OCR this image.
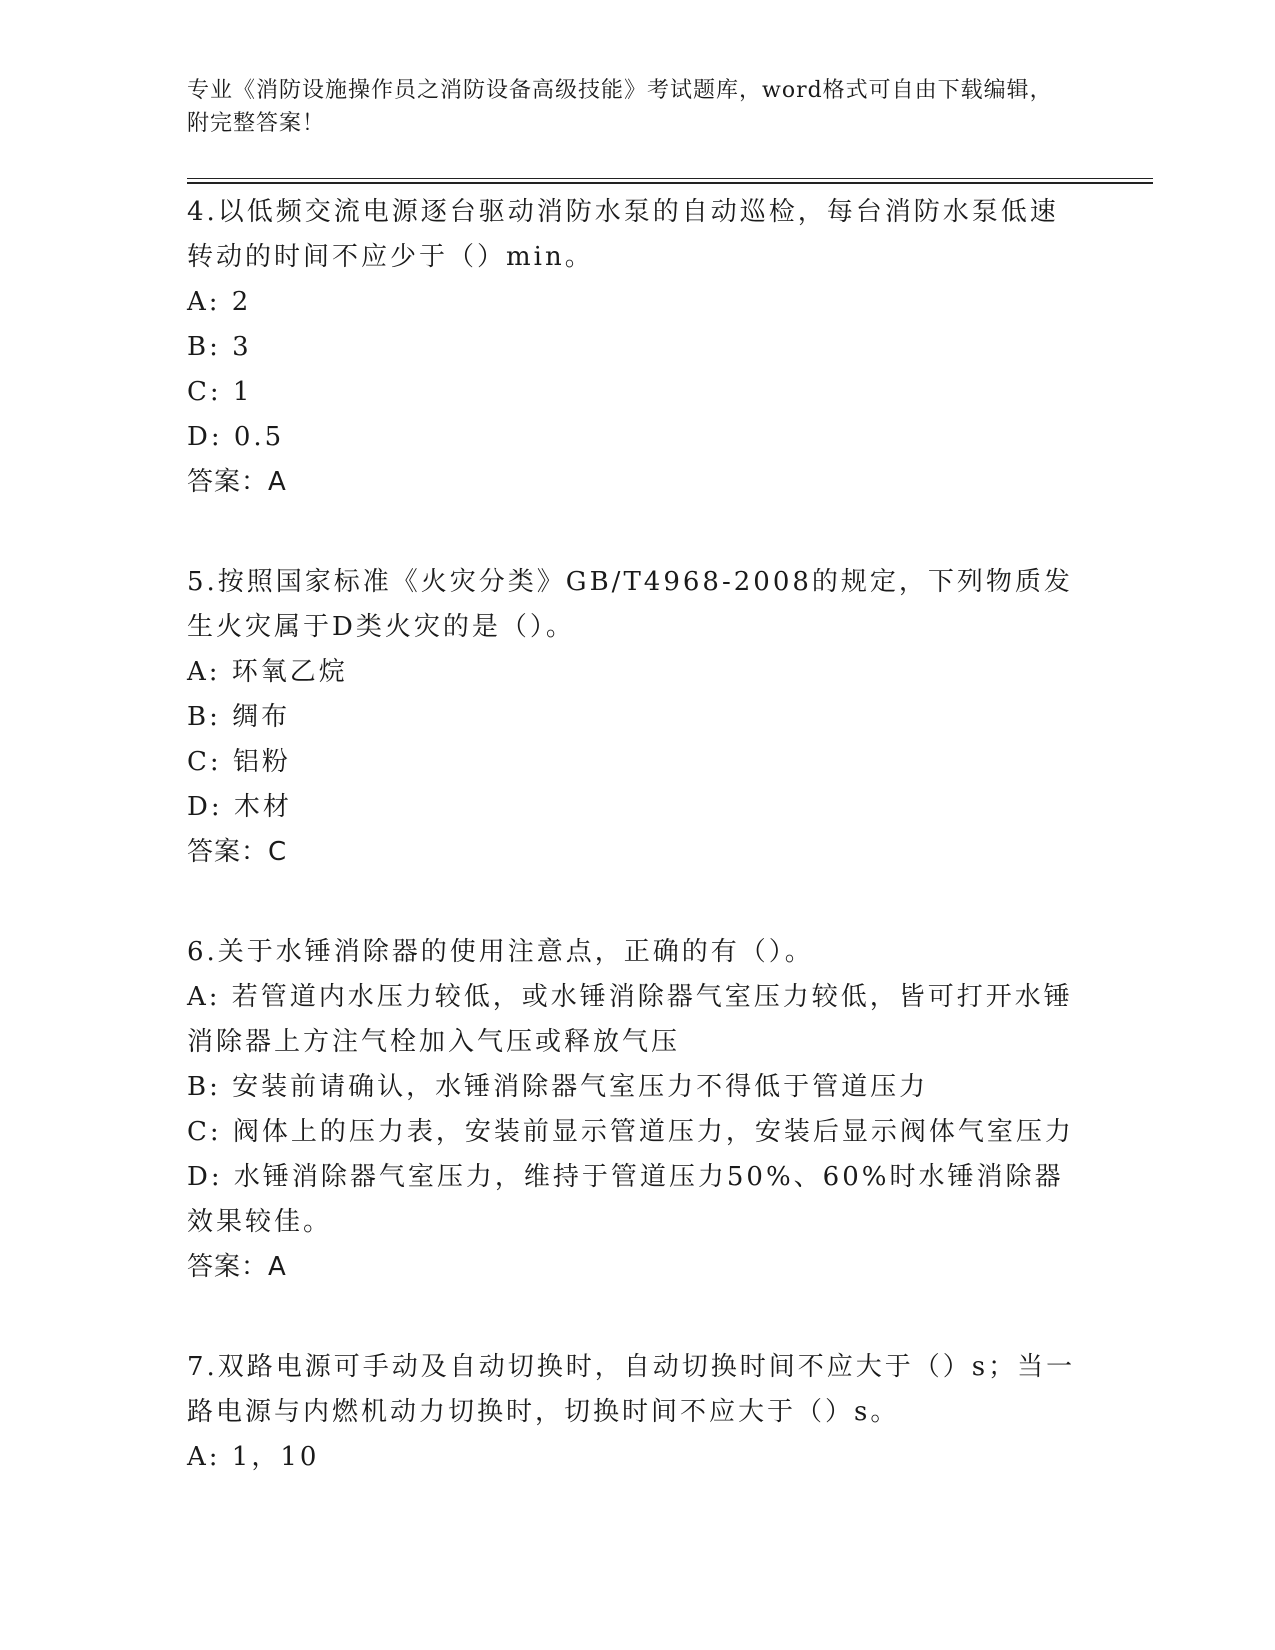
专业《消防设施操作员之消防设备高级技能》考试题库，word格式可自由下载编辑，附完整答案！

4.以低频交流电源逐台驱动消防水泵的自动巡检，每台消防水泵低速转动的时间不应少于（）min。

A: 2

B: 3

C: 1

D: 0.5

答案：A

5.按照国家标准《火灾分类》GB/T4968-2008的规定，下列物质发生火灾属于D类火灾的是（）。

A: 环氧乙烷

B: 绸布

C: 铝粉

D: 木材

答案：C

6.关于水锤消除器的使用注意点，正确的有（）。

A: 若管道内水压力较低，或水锤消除器气室压力较低，皆可打开水锤消除器上方注气栓加入气压或释放气压

B: 安装前请确认，水锤消除器气室压力不得低于管道压力

C: 阀体上的压力表，安装前显示管道压力，安装后显示阀体气室压力

D: 水锤消除器气室压力，维持于管道压力50%、60%时水锤消除器效果较佳。

答案：A

7.双路电源可手动及自动切换时，自动切换时间不应大于（）s；当一路电源与内燃机动力切换时，切换时间不应大于（）s。

A: 1，10
